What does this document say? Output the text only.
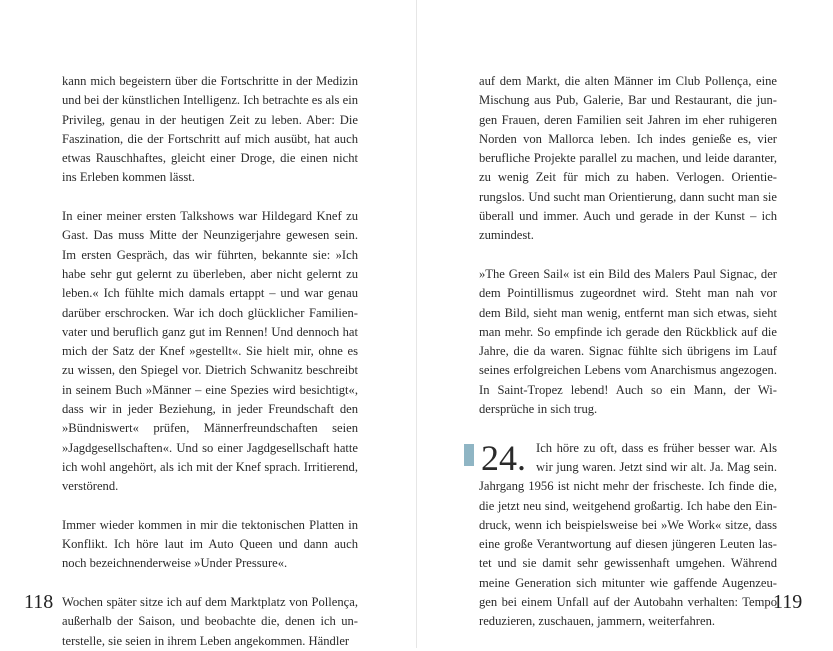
kann mich begeistern über die Fortschritte in der Medizin und bei der künstlichen Intelligenz. Ich betrachte es als ein Privileg, genau in der heutigen Zeit zu leben. Aber: Die Faszination, die der Fortschritt auf mich ausübt, hat auch etwas Rauschhaftes, gleicht einer Droge, die einen nicht ins Erleben kommen lässt.

In einer meiner ersten Talkshows war Hildegard Knef zu Gast. Das muss Mitte der Neunzigerjahre gewesen sein. Im ersten Gespräch, das wir führten, bekannte sie: »Ich habe sehr gut gelernt zu überleben, aber nicht gelernt zu leben.« Ich fühlte mich damals ertappt – und war genau darüber erschrocken. War ich doch glücklicher Familienvater und beruflich ganz gut im Rennen! Und dennoch hat mich der Satz der Knef »gestellt«. Sie hielt mir, ohne es zu wissen, den Spiegel vor. Dietrich Schwanitz beschreibt in seinem Buch »Männer – eine Spezies wird besichtigt«, dass wir in jeder Beziehung, in jeder Freundschaft den »Bündniswert« prüfen, Männerfreundschaften seien »Jagdgesellschaften«. Und so einer Jagdgesellschaft hatte ich wohl angehört, als ich mit der Knef sprach. Irritierend, verstörend.

Immer wieder kommen in mir die tektonischen Platten in Konflikt. Ich höre laut im Auto Queen und dann auch noch bezeichnenderweise »Under Pressure«.

Wochen später sitze ich auf dem Marktplatz von Pollença, außerhalb der Saison, und beobachte die, denen ich unterstelle, sie seien in ihrem Leben angekommen. Händler

118

auf dem Markt, die alten Männer im Club Pollença, eine Mischung aus Pub, Galerie, Bar und Restaurant, die jungen Frauen, deren Familien seit Jahren im eher ruhigeren Norden von Mallorca leben. Ich indes genieße es, vier berufliche Projekte parallel zu machen, und leide daranter, zu wenig Zeit für mich zu haben. Verlogen. Orientierungslos. Und sucht man Orientierung, dann sucht man sie überall und immer. Auch und gerade in der Kunst – ich zumindest.

»The Green Sail« ist ein Bild des Malers Paul Signac, der dem Pointillismus zugeordnet wird. Steht man nah vor dem Bild, sieht man wenig, entfernt man sich etwas, sieht man mehr. So empfinde ich gerade den Rückblick auf die Jahre, die da waren. Signac fühlte sich übrigens im Lauf seines erfolgreichen Lebens vom Anarchismus angezogen. In Saint-Tropez lebend! Auch so ein Mann, der Widersprüche in sich trug.

24. Ich höre zu oft, dass es früher besser war. Als wir jung waren. Jetzt sind wir alt. Ja. Mag sein. Jahrgang 1956 ist nicht mehr der frischeste. Ich finde die, die jetzt neu sind, weitgehend großartig. Ich habe den Eindruck, wenn ich beispielsweise bei »We Work« sitze, dass eine große Verantwortung auf diesen jüngeren Leuten lastet und sie damit sehr gewissenhaft umgehen. Während meine Generation sich mitunter wie gaffende Augenzeugen bei einem Unfall auf der Autobahn verhalten: Tempo reduzieren, zuschauen, jammern, weiterfahren.
119
